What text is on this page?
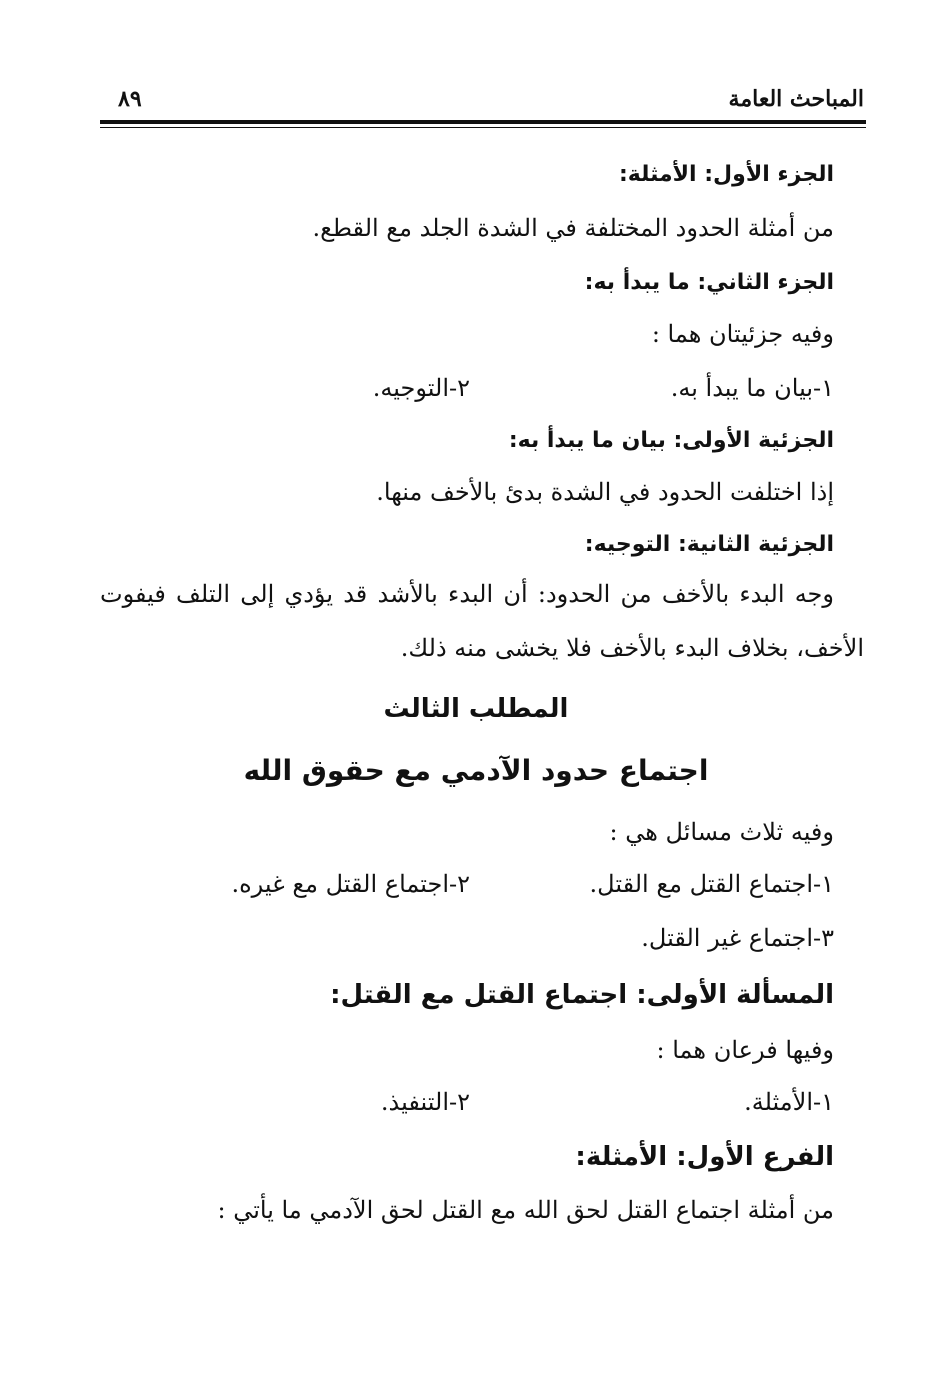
المباحث العامة
٨٩
الجزء الأول: الأمثلة:
من أمثلة الحدود المختلفة في الشدة الجلد مع القطع.
الجزء الثاني: ما يبدأ به:
وفيه جزئيتان هما :
١-بيان ما يبدأ به.
٢-التوجيه.
الجزئية الأولى: بيان ما يبدأ به:
إذا اختلفت الحدود في الشدة بدئ بالأخف منها.
الجزئية الثانية: التوجيه:
وجه البدء بالأخف من الحدود: أن البدء بالأشد قد يؤدي إلى التلف فيفوت
الأخف، بخلاف البدء بالأخف فلا يخشى منه ذلك.
المطلب الثالث
اجتماع حدود الآدمي مع حقوق الله
وفيه ثلاث مسائل هي :
١-اجتماع القتل مع القتل.
٢-اجتماع القتل مع غيره.
٣-اجتماع غير القتل.
المسألة الأولى: اجتماع القتل مع القتل:
وفيها فرعان هما :
١-الأمثلة.
٢-التنفيذ.
الفرع الأول: الأمثلة:
من أمثلة اجتماع القتل لحق الله مع القتل لحق الآدمي ما يأتي :
